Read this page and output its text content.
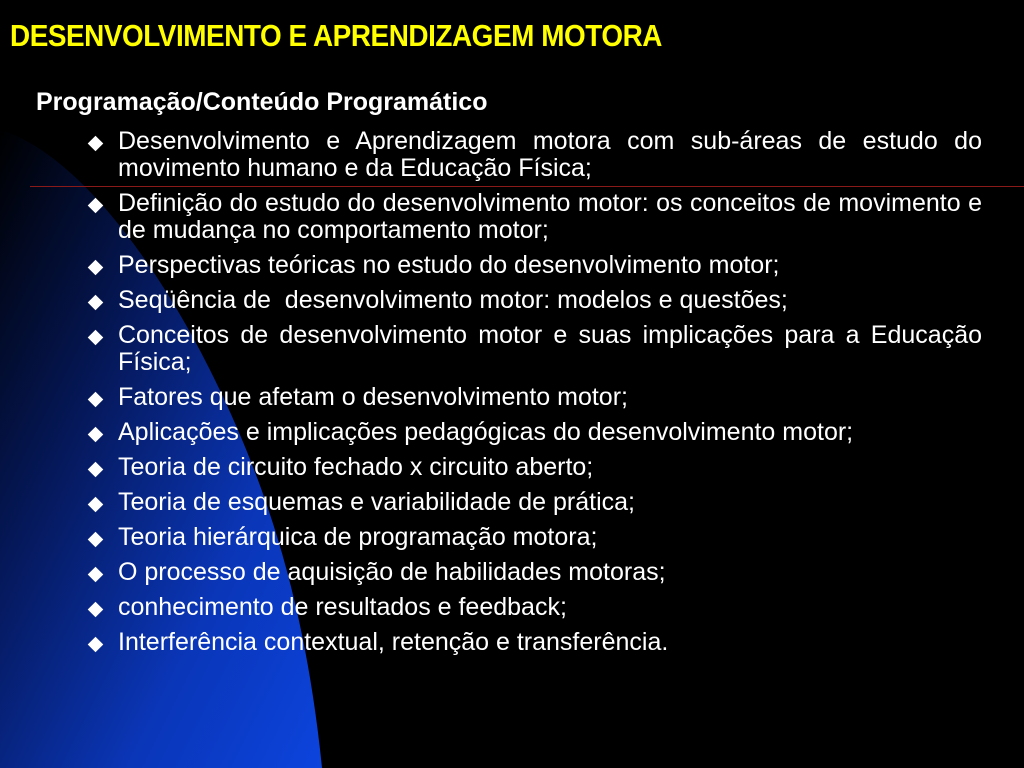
DESENVOLVIMENTO E APRENDIZAGEM MOTORA
Programação/Conteúdo Programático
Desenvolvimento e Aprendizagem motora com sub-áreas de estudo do movimento humano e da Educação Física;
Definição do estudo do desenvolvimento motor: os conceitos de movimento e de mudança no comportamento motor;
Perspectivas teóricas no estudo do desenvolvimento motor;
Seqüência de  desenvolvimento motor: modelos e questões;
Conceitos de desenvolvimento motor e suas implicações para a Educação Física;
Fatores que afetam o desenvolvimento motor;
Aplicações e implicações pedagógicas do desenvolvimento motor;
Teoria de circuito fechado x circuito aberto;
Teoria de esquemas e variabilidade de prática;
Teoria hierárquica de programação motora;
O processo de aquisição de habilidades motoras;
conhecimento de resultados e feedback;
Interferência contextual, retenção e transferência.
